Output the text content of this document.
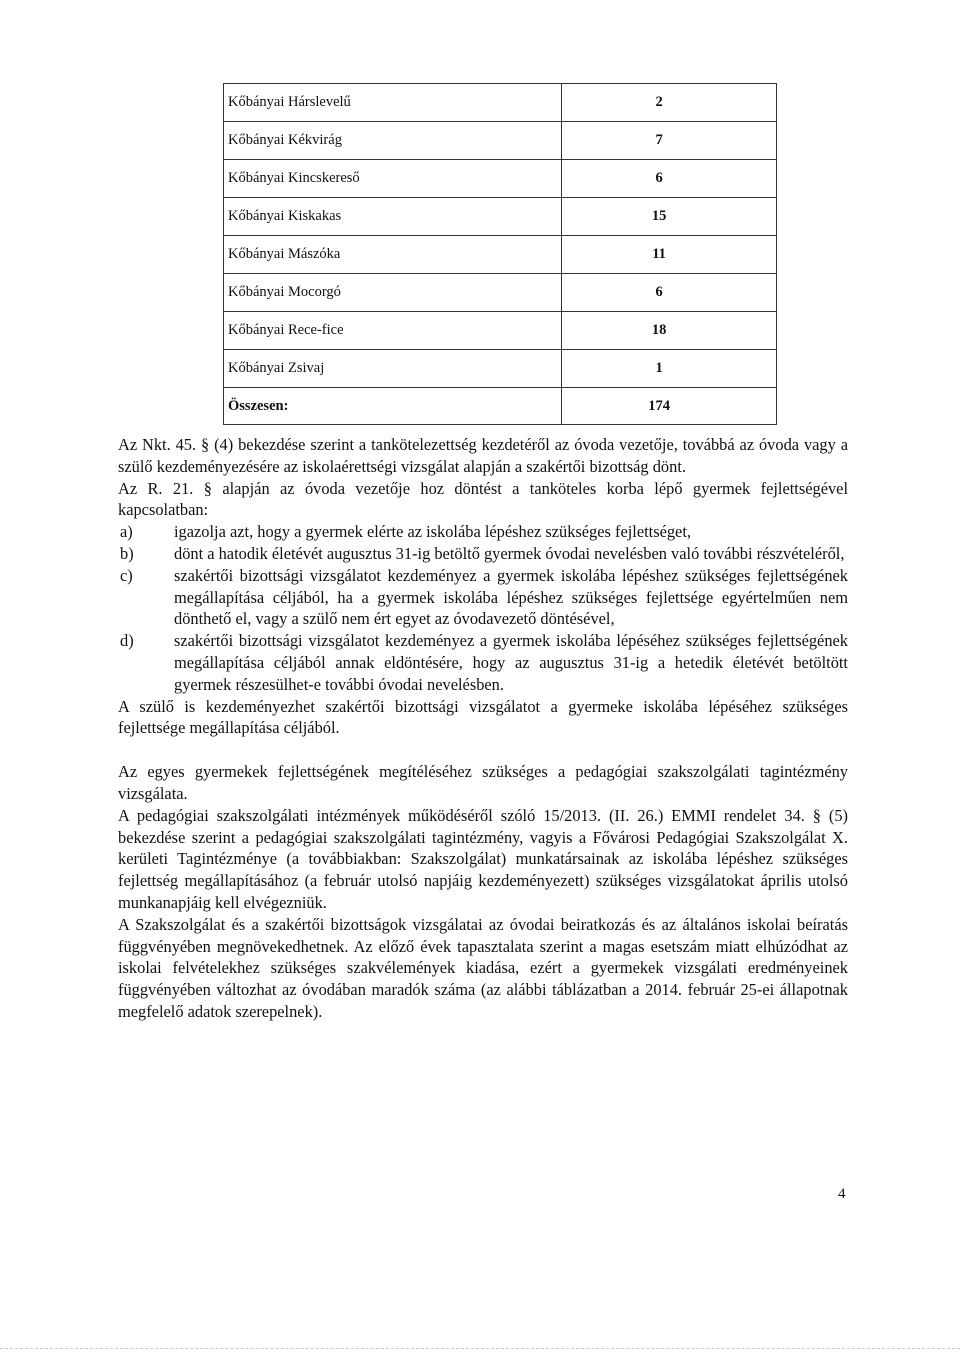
Kőbányai Hárslevelű	2
Kőbányai Kékvirág	7
Kőbányai Kincskereső	6
Kőbányai Kiskakas	15
Kőbányai Mászóka	11
Kőbányai Mocorgó	6
Kőbányai Rece-fice	18
Kőbányai Zsivaj	1
Összesen:	174

Az Nkt. 45. § (4) bekezdése szerint a tankötelezettség kezdetéről az óvoda vezetője, továbbá az óvoda vagy a szülő kezdeményezésére az iskolaérettségi vizsgálat alapján a szakértői bizottság dönt.

Az R. 21. § alapján az óvoda vezetője hoz döntést a tanköteles korba lépő gyermek fejlettségével kapcsolatban:

a)	igazolja azt, hogy a gyermek elérte az iskolába lépéshez szükséges fejlettséget,
b) dönt a hatodik életévét augusztus 31-ig betöltő gyermek óvodai nevelésben való további részvételéről,
c)	szakértői bizottsági vizsgálatot kezdeményez a gyermek iskolába lépéshez szükséges fejlettségének megállapítása céljából, ha a gyermek iskolába lépéshez szükséges fejlettsége egyértelműen nem dönthető el, vagy a szülő nem ért egyet az óvodavezető döntésével,
d) szakértői bizottsági vizsgálatot kezdeményez a gyermek iskolába lépéséhez szükséges fejlettségének megállapítása céljából annak eldöntésére, hogy az augusztus 31-ig a hetedik életévét betöltött gyermek részesülhet-e további óvodai nevelésben.

A szülő is kezdeményezhet szakértői bizottsági vizsgálatot a gyermeke iskolába lépéséhez szükséges fejlettsége megállapítása céljából.

Az egyes gyermekek fejlettségének megítéléséhez szükséges a pedagógiai szakszolgálati tagintézmény vizsgálata.

A pedagógiai szakszolgálati intézmények működéséről szóló 15/2013. (II. 26.) EMMI rendelet 34. § (5) bekezdése szerint a pedagógiai szakszolgálati tagintézmény, vagyis a Fővárosi Pedagógiai Szakszolgálat X. kerületi Tagintézménye (a továbbiakban: Szakszolgálat) munkatársainak az iskolába lépéshez szükséges fejlettség megállapításához (a február utolsó napjáig kezdeményezett) szükséges vizsgálatokat április utolsó munkanapjáig kell elvégezniük.

A Szakszolgálat és a szakértői bizottságok vizsgálatai az óvodai beiratkozás és az általános iskolai beíratás függvényében megnövekedhetnek. Az előző évek tapasztalata szerint a magas esetszám miatt elhúzódhat az iskolai felvételekhez szükséges szakvélemények kiadása, ezért a gyermekek vizsgálati eredményeinek függvényében változhat az óvodában maradók száma (az alábbi táblázatban a 2014. február 25-ei állapotnak megfelelő adatok szerepelnek).

4
